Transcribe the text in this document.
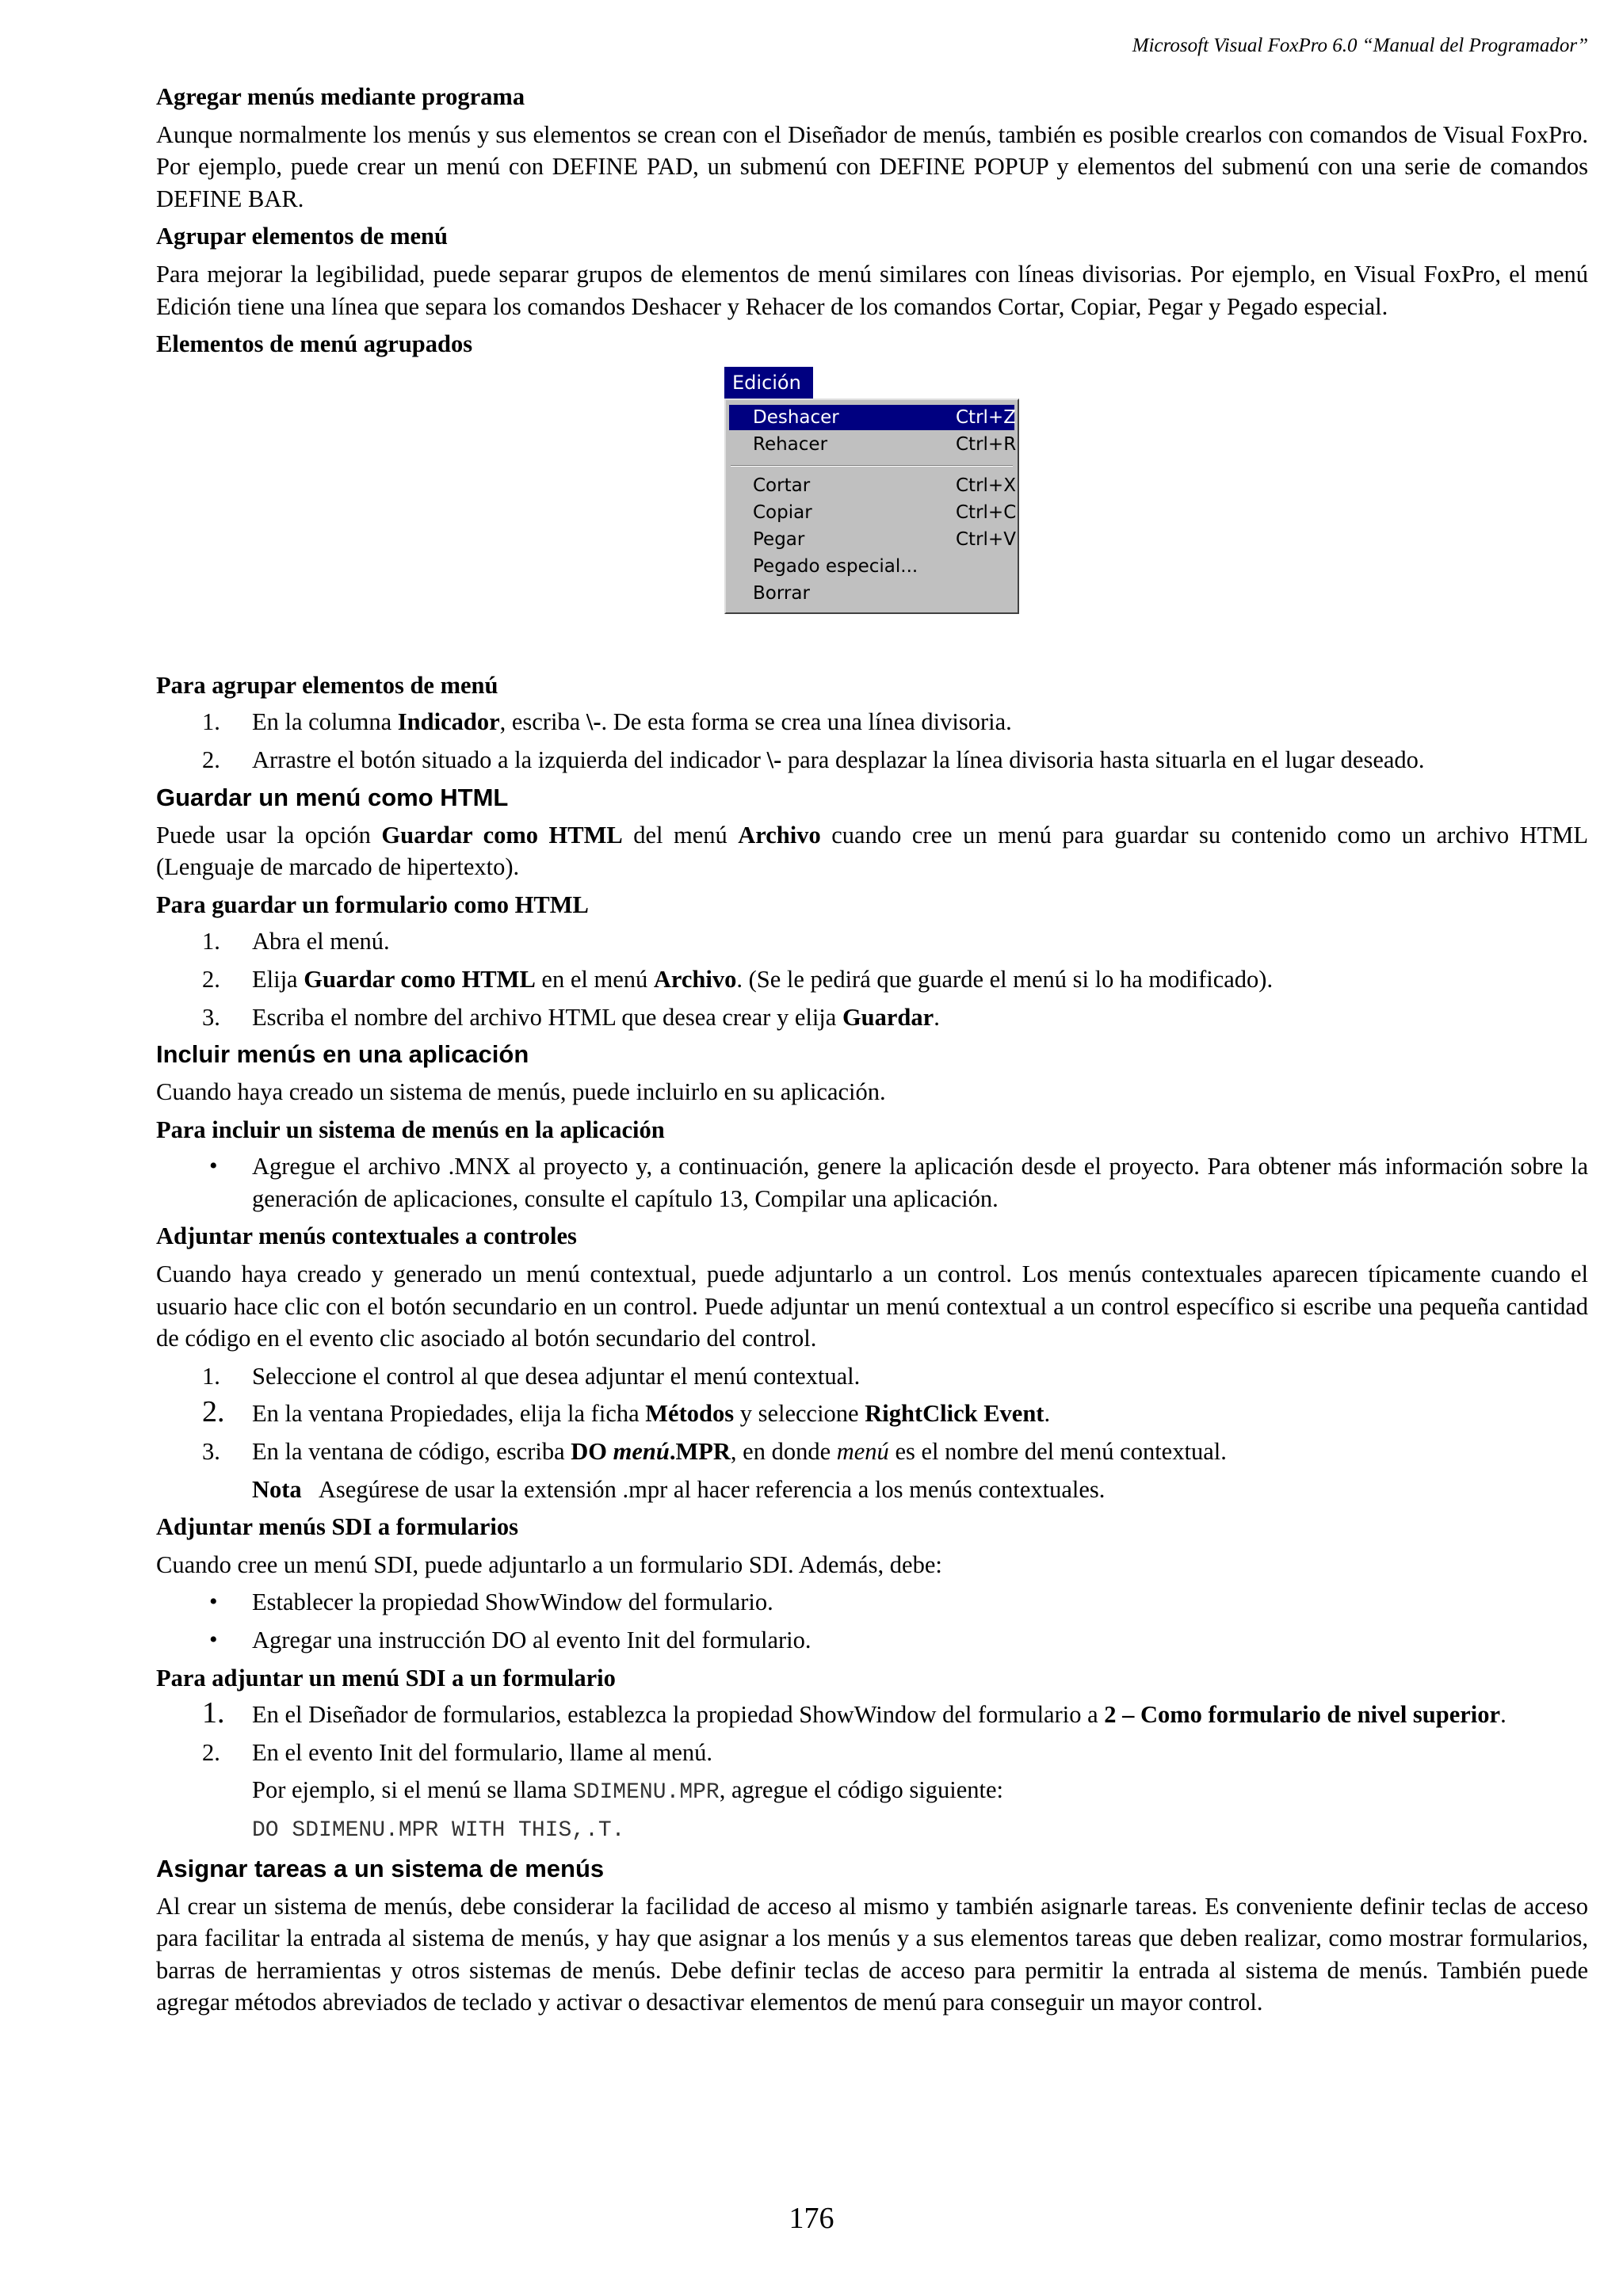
Microsoft Visual FoxPro 6.0 “Manual del Programador”
Agregar menús mediante programa

Aunque normalmente los menús y sus elementos se crean con el Diseñador de menús, también es posible crearlos con comandos de Visual FoxPro. Por ejemplo, puede crear un menú con DEFINE PAD, un submenú con DEFINE POPUP y elementos del submenú con una serie de comandos DEFINE BAR.

Agrupar elementos de menú

Para mejorar la legibilidad, puede separar grupos de elementos de menú similares con líneas divisorias. Por ejemplo, en Visual FoxPro, el menú Edición tiene una línea que separa los comandos Deshacer y Rehacer de los comandos Cortar, Copiar, Pegar y Pegado especial.

Elementos de menú agrupados
Edición
Deshacer	Ctrl+Z
Rehacer	Ctrl+R
Cortar	Ctrl+X
Copiar	Ctrl+C
Pegar	Ctrl+V
Pegado especial...
Borrar
Para agrupar elementos de menú
1. En la columna Indicador, escriba \-. De esta forma se crea una línea divisoria.
2. Arrastre el botón situado a la izquierda del indicador \- para desplazar la línea divisoria hasta situarla en el lugar deseado.
Guardar un menú como HTML

Puede usar la opción Guardar como HTML del menú Archivo cuando cree un menú para guardar su contenido como un archivo HTML (Lenguaje de marcado de hipertexto).

Para guardar un formulario como HTML
1. Abra el menú.
2. Elija Guardar como HTML en el menú Archivo. (Se le pedirá que guarde el menú si lo ha modificado).
3. Escriba el nombre del archivo HTML que desea crear y elija Guardar.
Incluir menús en una aplicación

Cuando haya creado un sistema de menús, puede incluirlo en su aplicación.

Para incluir un sistema de menús en la aplicación
• Agregue el archivo .MNX al proyecto y, a continuación, genere la aplicación desde el proyecto. Para obtener más información sobre la generación de aplicaciones, consulte el capítulo 13, Compilar una aplicación.
Adjuntar menús contextuales a controles

Cuando haya creado y generado un menú contextual, puede adjuntarlo a un control. Los menús contextuales aparecen típicamente cuando el usuario hace clic con el botón secundario en un control. Puede adjuntar un menú contextual a un control específico si escribe una pequeña cantidad de código en el evento clic asociado al botón secundario del control.

1. Seleccione el control al que desea adjuntar el menú contextual.
2. En la ventana Propiedades, elija la ficha Métodos y seleccione RightClick Event.
3. En la ventana de código, escriba DO menú.MPR, en donde menú es el nombre del menú contextual.
Nota   Asegúrese de usar la extensión .mpr al hacer referencia a los menús contextuales.
Adjuntar menús SDI a formularios

Cuando cree un menú SDI, puede adjuntarlo a un formulario SDI. Además, debe:

• Establecer la propiedad ShowWindow del formulario.
• Agregar una instrucción DO al evento Init del formulario.
Para adjuntar un menú SDI a un formulario
1. En el Diseñador de formularios, establezca la propiedad ShowWindow del formulario a 2 – Como formulario de nivel superior.
2. En el evento Init del formulario, llame al menú.
Por ejemplo, si el menú se llama SDIMENU.MPR, agregue el código siguiente:
DO SDIMENU.MPR WITH THIS,.T.
Asignar tareas a un sistema de menús

Al crear un sistema de menús, debe considerar la facilidad de acceso al mismo y también asignarle tareas. Es conveniente definir teclas de acceso para facilitar la entrada al sistema de menús, y hay que asignar a los menús y a sus elementos tareas que deben realizar, como mostrar formularios, barras de herramientas y otros sistemas de menús. Debe definir teclas de acceso para permitir la entrada al sistema de menús. También puede agregar métodos abreviados de teclado y activar o desactivar elementos de menú para conseguir un mayor control.

176
